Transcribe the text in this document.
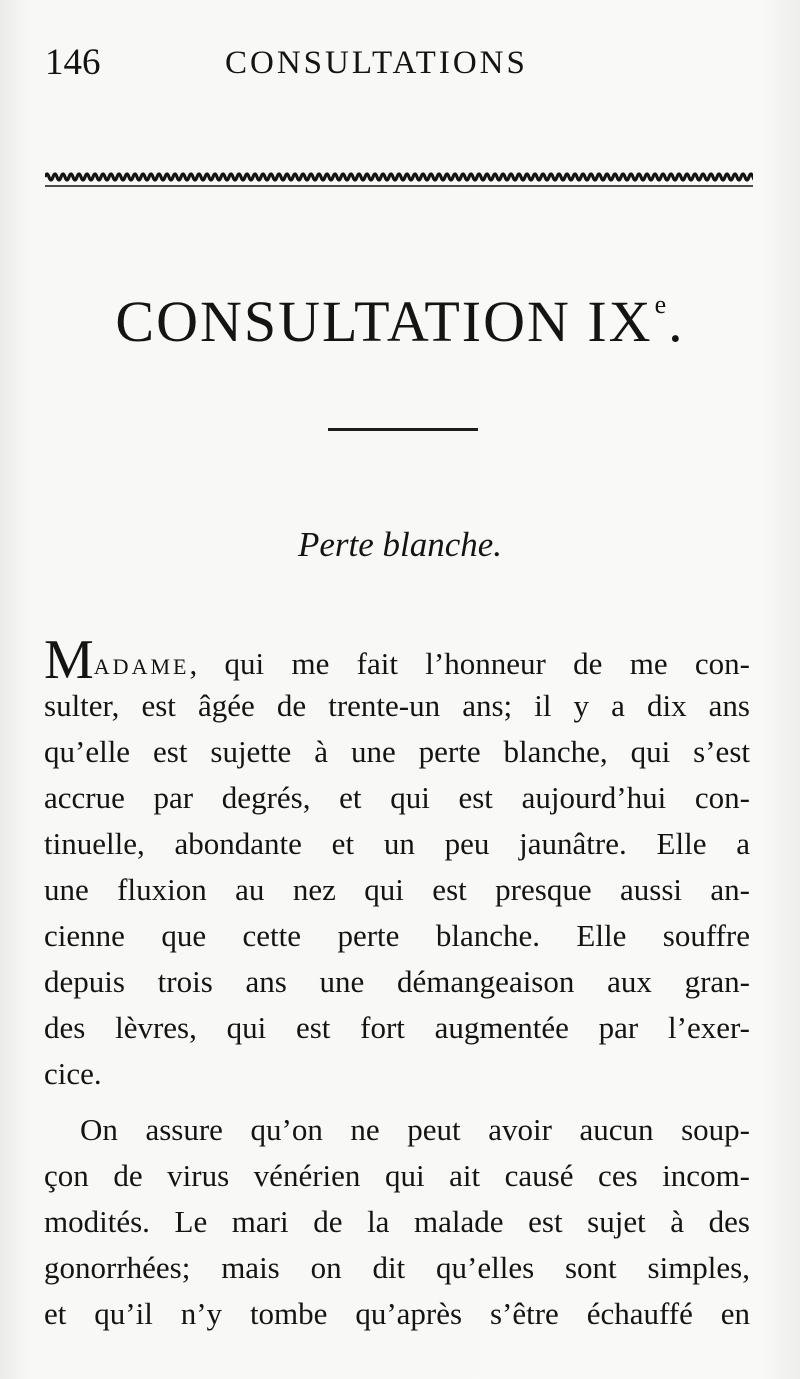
146	CONSULTATIONS
CONSULTATION IXe.
Perte blanche.
Madame, qui me fait l’honneur de me con-
sulter, est âgée de trente-un ans; il y a dix ans
qu’elle est sujette à une perte blanche, qui s’est
accrue par degrés, et qui est aujourd’hui con-
tinuelle, abondante et un peu jaunâtre. Elle a
une fluxion au nez qui est presque aussi an-
cienne que cette perte blanche. Elle souffre
depuis trois ans une démangeaison aux gran-
des lèvres, qui est fort augmentée par l’exer-
cice.
On assure qu’on ne peut avoir aucun soup-
çon de virus vénérien qui ait causé ces incom-
modités. Le mari de la malade est sujet à des
gonorrhées; mais on dit qu’elles sont simples,
et qu’il n’y tombe qu’après s’être échauffé en
